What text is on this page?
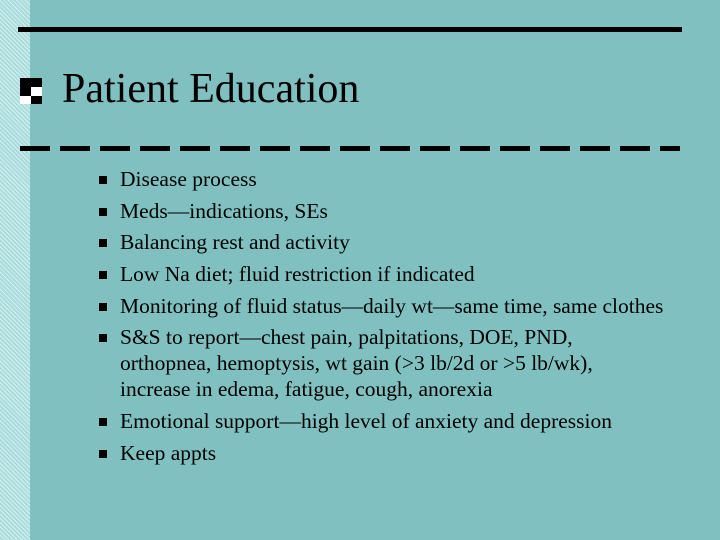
Patient Education
Disease process
Meds—indications, SEs
Balancing rest and activity
Low Na diet; fluid restriction if indicated
Monitoring of fluid status—daily wt—same time, same clothes
S&S to report—chest pain, palpitations, DOE, PND, orthopnea, hemoptysis, wt gain (>3 lb/2d or >5 lb/wk), increase in edema, fatigue, cough, anorexia
Emotional support—high level of anxiety and depression
Keep appts
